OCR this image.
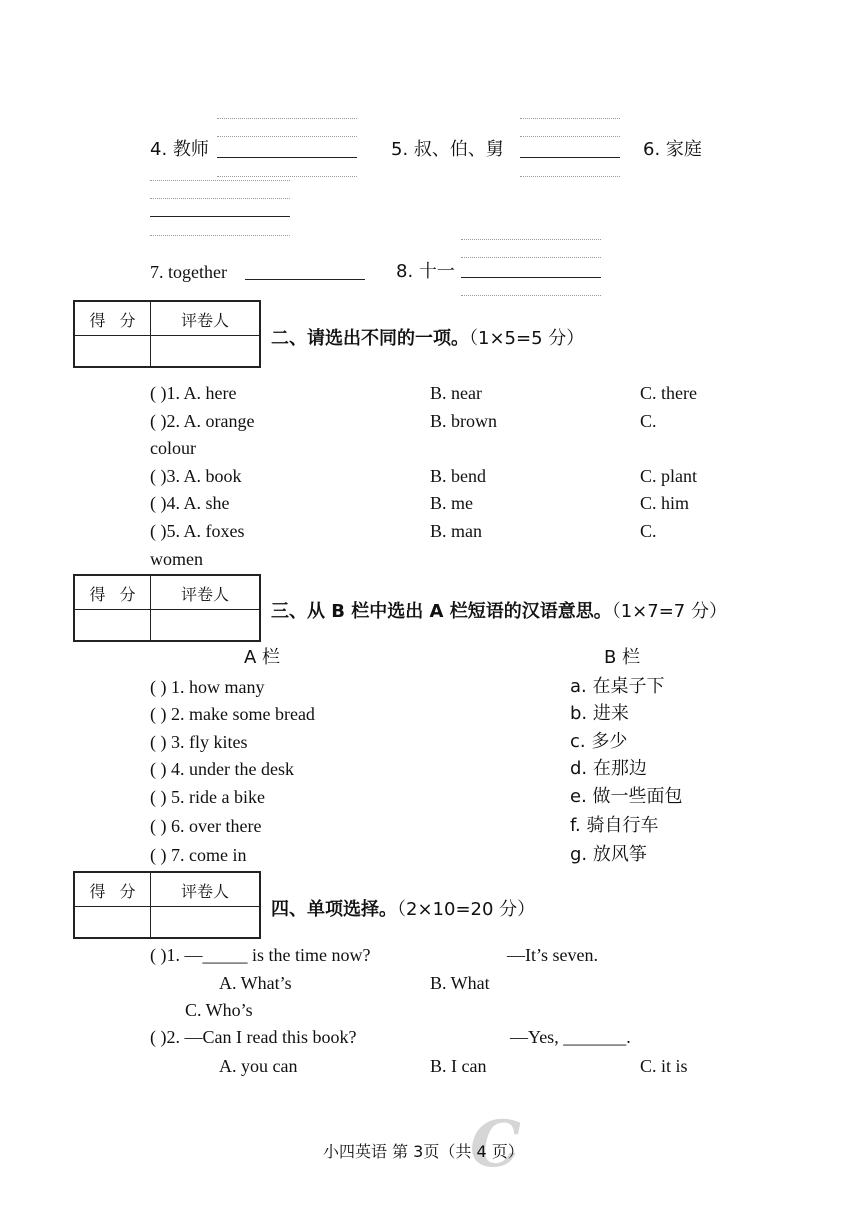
4. 教师	5. 叔、伯、舅	6. 家庭
7. together	8. 十一
得分	评卷人
二、请选出不同的一项。（1×5=5 分）
( )1. A. here	B. near	C. there
( )2. A. orange	B. brown	C.
colour
( )3. A. book	B. bend	C. plant
( )4. A. she	B. me	C. him
( )5. A. foxes	B. man	C.
women
得分	评卷人
三、从 B 栏中选出 A 栏短语的汉语意思。（1×7=7 分）
A 栏	B 栏
( ) 1. how many	a. 在桌子下
( ) 2. make some bread	b. 进来
( ) 3. fly kites	c. 多少
( ) 4. under the desk	d. 在那边
( ) 5. ride a bike	e. 做一些面包
( ) 6. over there	f. 骑自行车
( ) 7. come in	g. 放风筝
得分	评卷人
四、单项选择。（2×10=20 分）
( )1. —_____ is the time now?	—It’s seven.
A. What’s	B. What
C. Who’s
( )2. —Can I read this book?	—Yes, _______.
A. you can	B. I can	C. it is
C
小四英语 第 3页（共 4 页）
